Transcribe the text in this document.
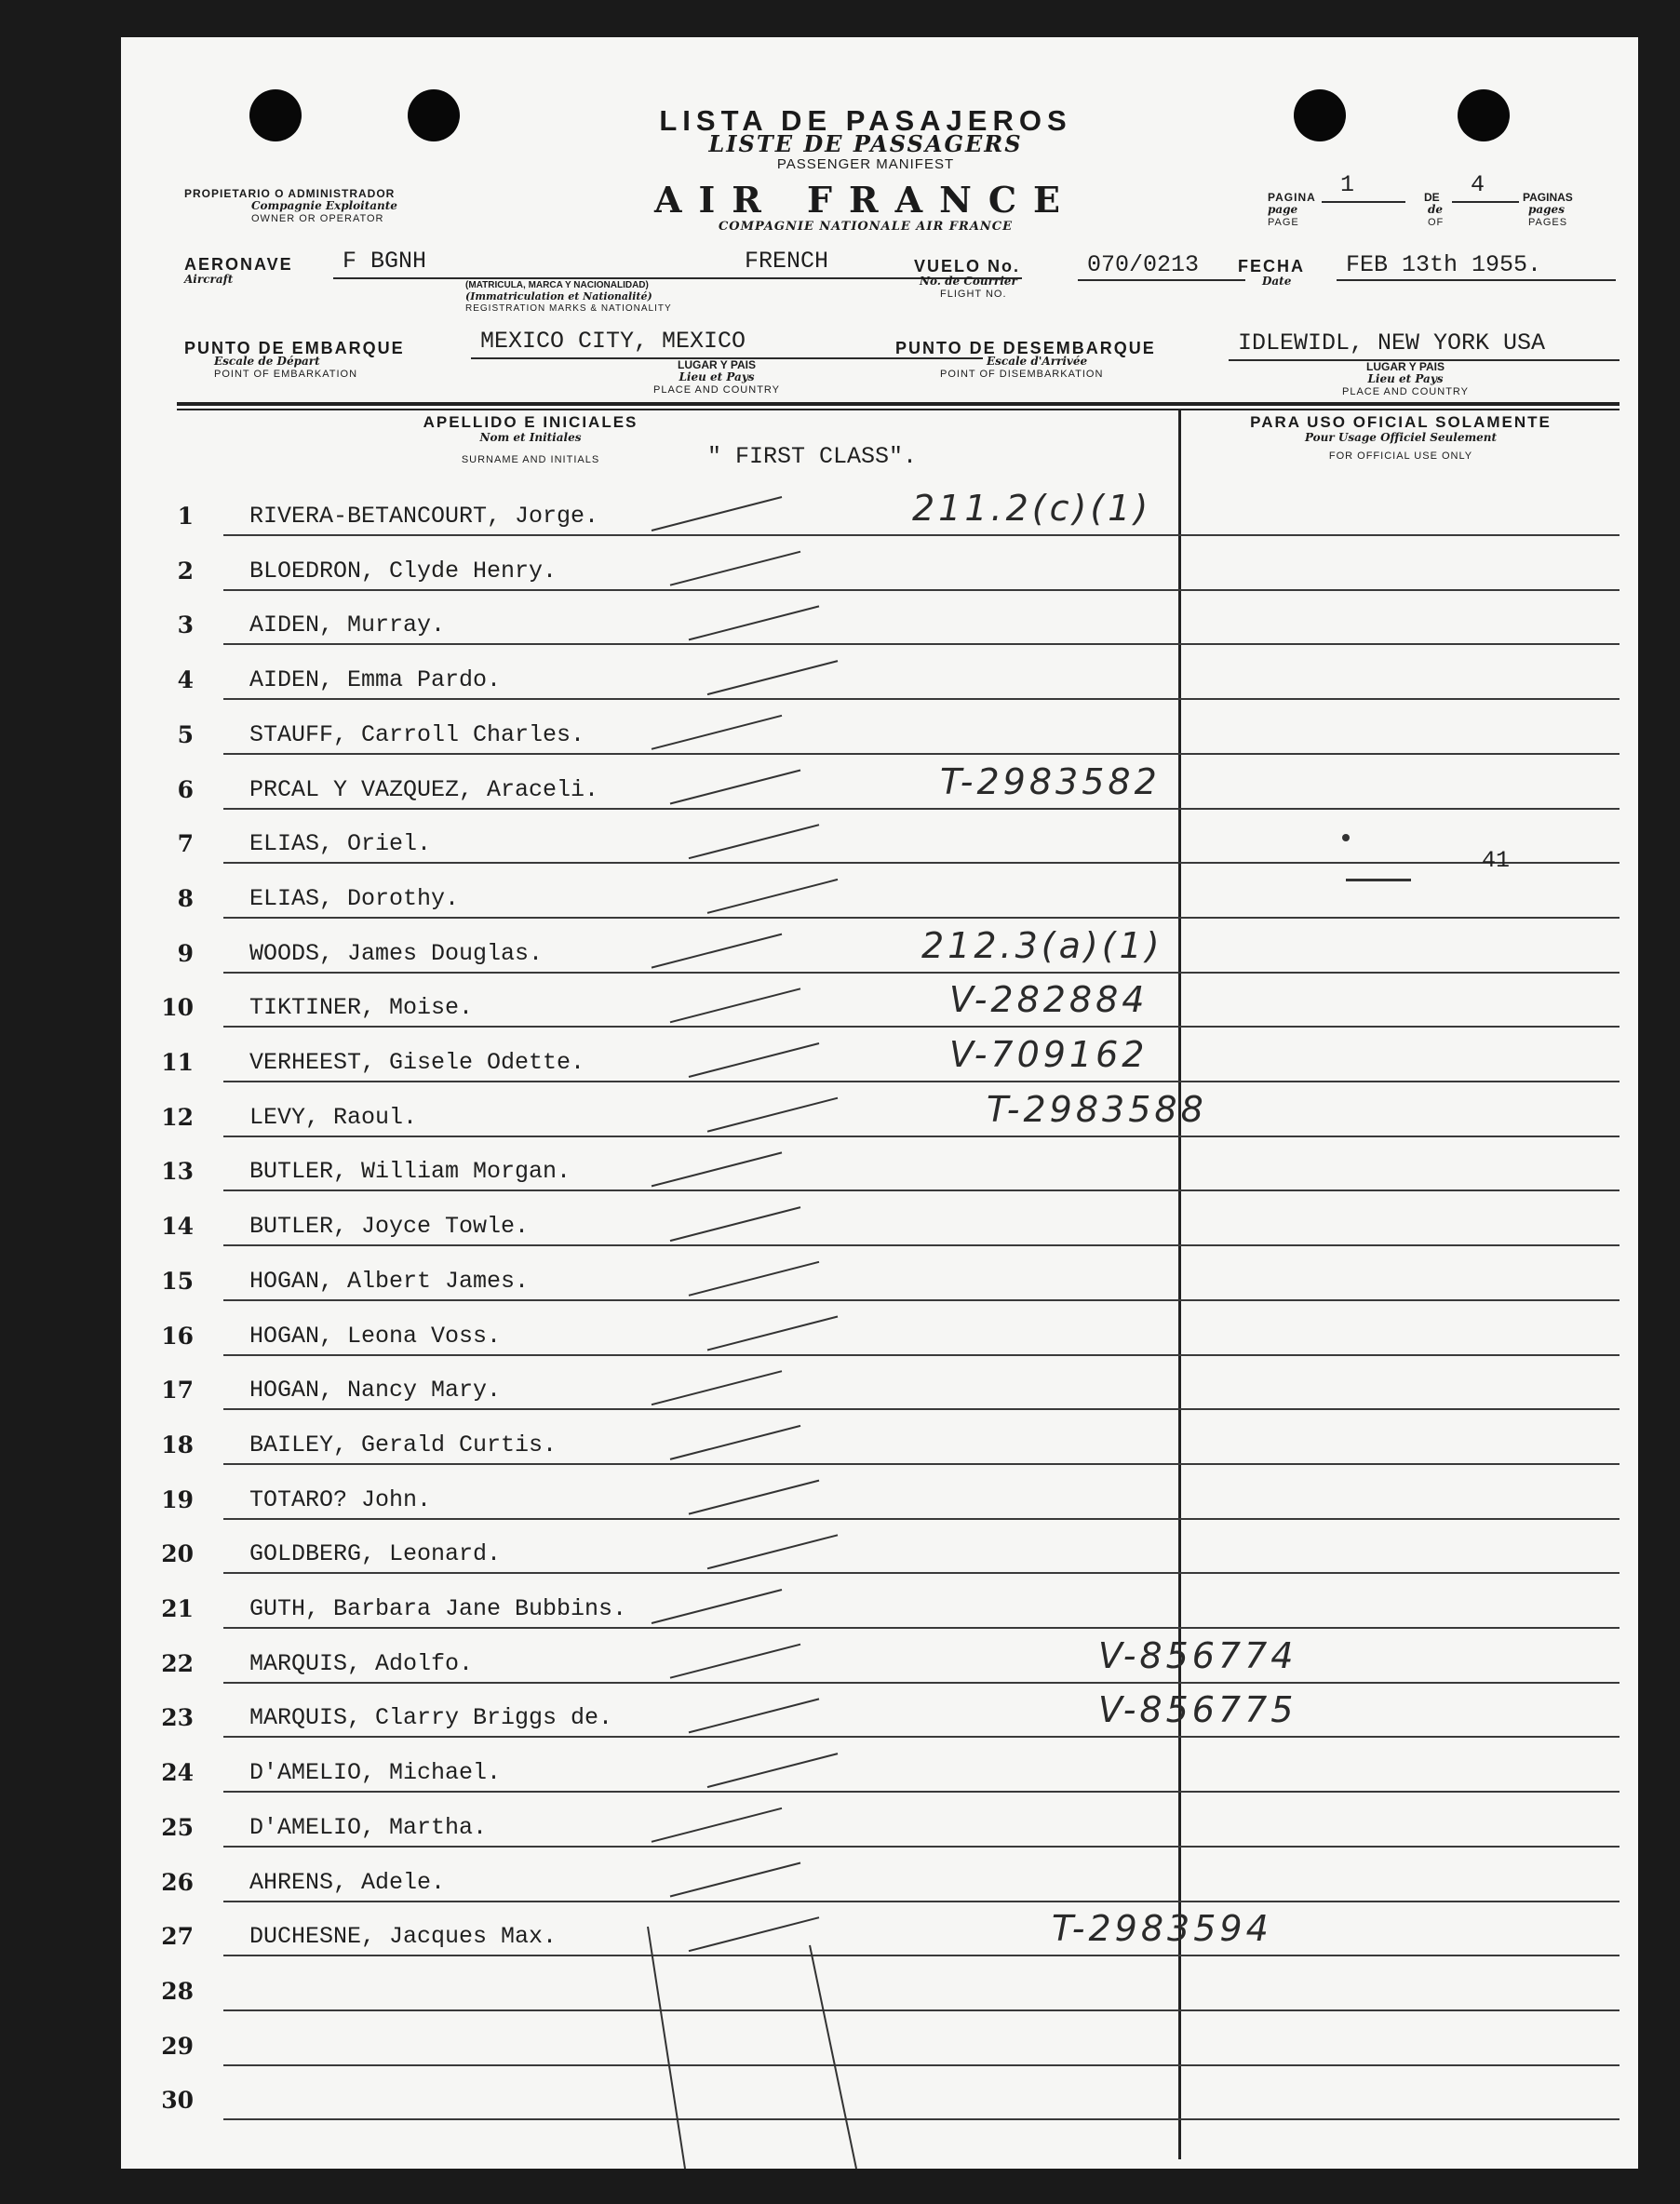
LISTA DE PASAJEROS
LISTE DE PASSAGERS
PASSENGER MANIFEST
AIR FRANCE
COMPAGNIE NATIONALE AIR FRANCE
PROPIETARIO O ADMINISTRADOR
Compagnie Exploitante
OWNER OR OPERATOR
PAGINA
page
PAGE
1	DE
de
OF
4	PAGINAS
pages
PAGES
AERONAVE
Aircraft
F BGNH
(MATRICULA, MARCA Y NACIONALIDAD)
(Immatriculation et Nationalité)
REGISTRATION MARKS & NATIONALITY
FRENCH	VUELO No.
No. de Courrier
FLIGHT NO.
070/0213 FECHA
Date
FEB 13th 1955.
PUNTO DE EMBARQUE
Escale de Départ
POINT OF EMBARKATION
MEXICO CITY, MEXICO
LUGAR Y PAIS
Lieu et Pays
PLACE AND COUNTRY
PUNTO DE DESEMBARQUE
Escale d'Arrivée
POINT OF DISEMBARKATION
IDLEWIDL, NEW YORK USA
LUGAR Y PAIS
Lieu et Pays
PLACE AND COUNTRY
APELLIDO E INICIALES
Nom et Initiales
SURNAME AND INITIALS	" FIRST CLASS".
PARA USO OFICIAL SOLAMENTE
Pour Usage Officiel Seulement
FOR OFFICIAL USE ONLY
1 RIVERA-BETANCOURT, Jorge.	211.2(c)(1)
2 BLOEDRON, Clyde Henry.
3 AIDEN, Murray.
4 AIDEN, Emma Pardo.
5 STAUFF, Carroll Charles.
6 PRCAL Y VAZQUEZ, Araceli.	T-2983582
7 ELIAS, Oriel.
8 ELIAS, Dorothy.
9 WOODS, James Douglas.	212.3(a)(1)
10 TIKTINER, Moise.	V-282884
11 VERHEEST, Gisele Odette.	V-709162
12 LEVY, Raoul.	T-2983588
13 BUTLER, William Morgan.
14 BUTLER, Joyce Towle.
15 HOGAN, Albert James.
16 HOGAN, Leona Voss.
17 HOGAN, Nancy Mary.
18 BAILEY, Gerald Curtis.
19 TOTARO? John.
20 GOLDBERG, Leonard.
21 GUTH, Barbara Jane Bubbins.
22 MARQUIS, Adolfo.	V-856774
23 MARQUIS, Clarry Briggs de.	V-856775
24 D'AMELIO, Michael.
25 D'AMELIO, Martha.
26 AHRENS, Adele.
27 DUCHESNE, Jacques Max.	T-2983594
28
29
30
41
